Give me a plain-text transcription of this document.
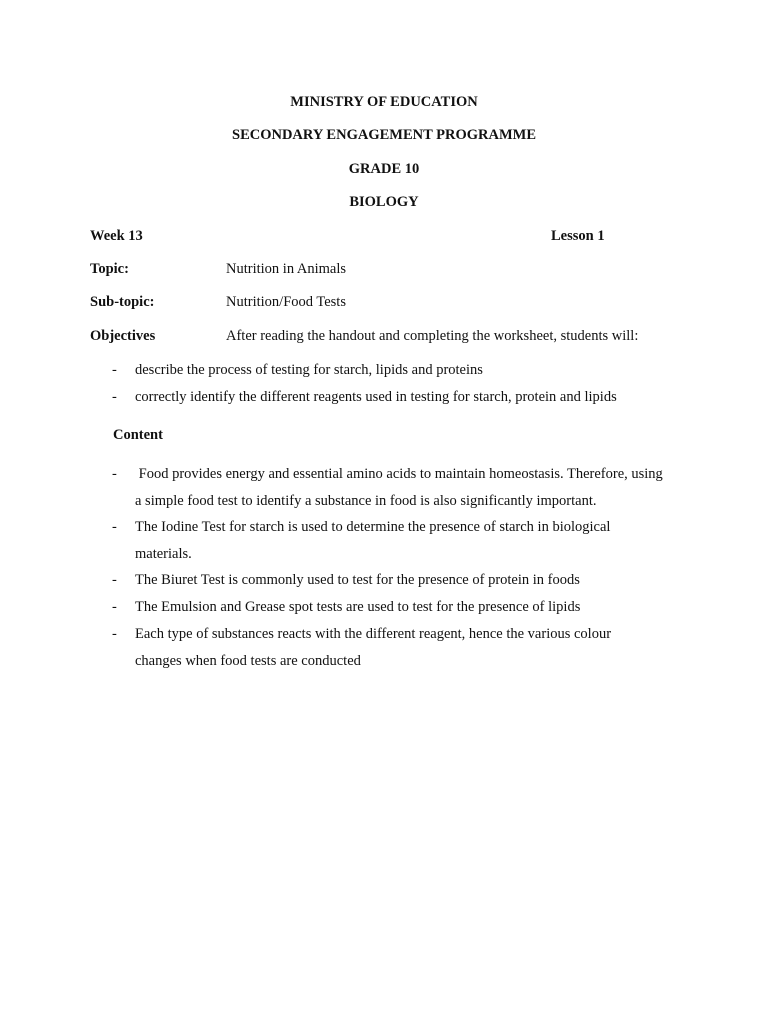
MINISTRY OF EDUCATION
SECONDARY ENGAGEMENT PROGRAMME
GRADE 10
BIOLOGY
Week 13	Lesson 1
Topic:	Nutrition in Animals
Sub-topic:	Nutrition/Food Tests
Objectives	After reading the handout and completing the worksheet, students will:
- describe the process of testing for starch, lipids and proteins
- correctly identify the different reagents used in testing for starch, protein and lipids
Content
- Food provides energy and essential amino acids to maintain homeostasis. Therefore, using
a simple food test to identify a substance in food is also significantly important.
- The Iodine Test for starch is used to determine the presence of starch in biological
materials.
- The Biuret Test is commonly used to test for the presence of protein in foods
- The Emulsion and Grease spot tests are used to test for the presence of lipids
- Each type of substances reacts with the different reagent, hence the various colour
changes when food tests are conducted
